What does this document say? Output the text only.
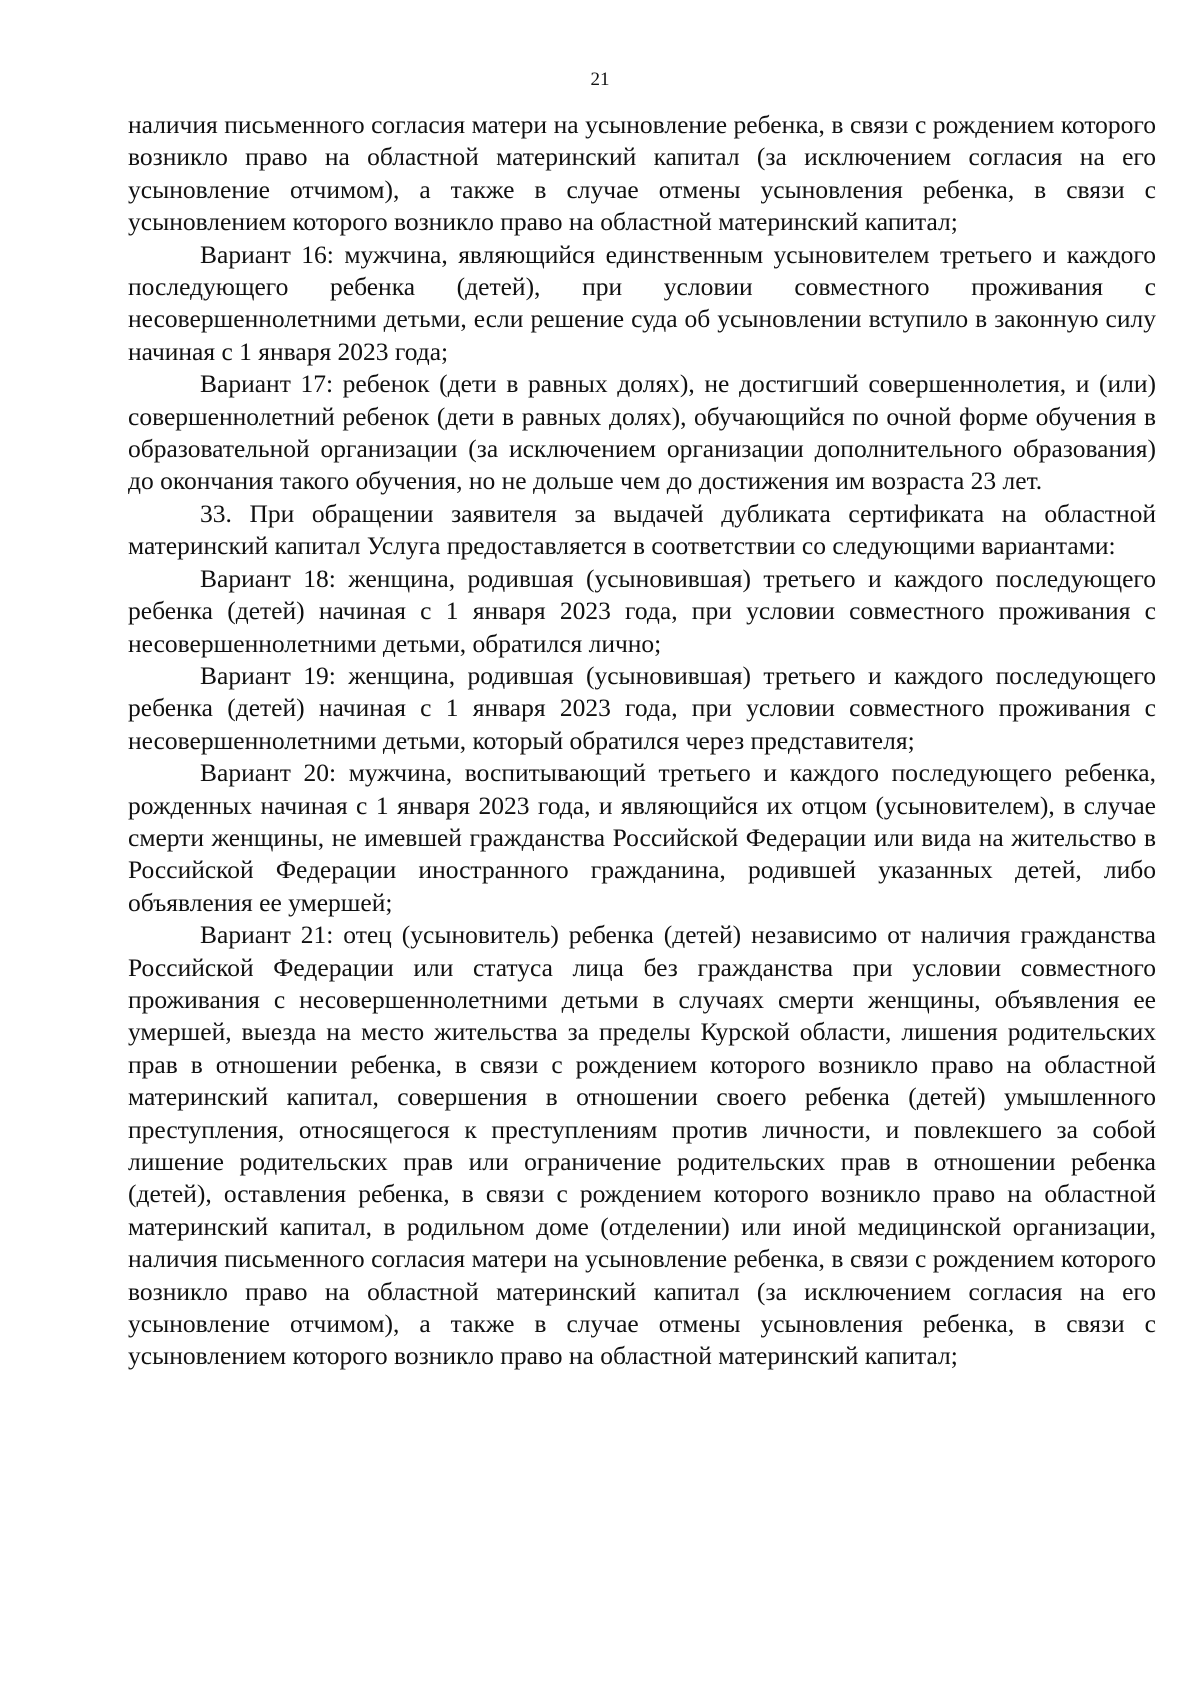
21

наличия письменного согласия матери на усыновление ребенка, в связи с рождением которого возникло право на областной материнский капитал (за исключением согласия на его усыновление отчимом), а также в случае отмены усыновления ребенка, в связи с усыновлением которого возникло право на областной материнский капитал;

Вариант 16: мужчина, являющийся единственным усыновителем третьего и каждого последующего ребенка (детей), при условии совместного проживания с несовершеннолетними детьми, если решение суда об усыновлении вступило в законную силу начиная с 1 января 2023 года;

Вариант 17: ребенок (дети в равных долях), не достигший совершеннолетия, и (или) совершеннолетний ребенок (дети в равных долях), обучающийся по очной форме обучения в образовательной организации (за исключением организации дополнительного образования) до окончания такого обучения, но не дольше чем до достижения им возраста 23 лет.

33. При обращении заявителя за выдачей дубликата сертификата на областной материнский капитал Услуга предоставляется в соответствии со следующими вариантами:

Вариант 18: женщина, родившая (усыновившая) третьего и каждого последующего ребенка (детей) начиная с 1 января 2023 года, при условии совместного проживания с несовершеннолетними детьми, обратился лично;

Вариант 19: женщина, родившая (усыновившая) третьего и каждого последующего ребенка (детей) начиная с 1 января 2023 года, при условии совместного проживания с несовершеннолетними детьми, который обратился через представителя;

Вариант 20: мужчина, воспитывающий третьего и каждого последующего ребенка, рожденных начиная с 1 января 2023 года, и являющийся их отцом (усыновителем), в случае смерти женщины, не имевшей гражданства Российской Федерации или вида на жительство в Российской Федерации иностранного гражданина, родившей указанных детей, либо объявления ее умершей;

Вариант 21: отец (усыновитель) ребенка (детей) независимо от наличия гражданства Российской Федерации или статуса лица без гражданства при условии совместного проживания с несовершеннолетними детьми в случаях смерти женщины, объявления ее умершей, выезда на место жительства за пределы Курской области, лишения родительских прав в отношении ребенка, в связи с рождением которого возникло право на областной материнский капитал, совершения в отношении своего ребенка (детей) умышленного преступления, относящегося к преступлениям против личности, и повлекшего за собой лишение родительских прав или ограничение родительских прав в отношении ребенка (детей), оставления ребенка, в связи с рождением которого возникло право на областной материнский капитал, в родильном доме (отделении) или иной медицинской организации, наличия письменного согласия матери на усыновление ребенка, в связи с рождением которого возникло право на областной материнский капитал (за исключением согласия на его усыновление отчимом), а также в случае отмены усыновления ребенка, в связи с усыновлением которого возникло право на областной материнский капитал;
